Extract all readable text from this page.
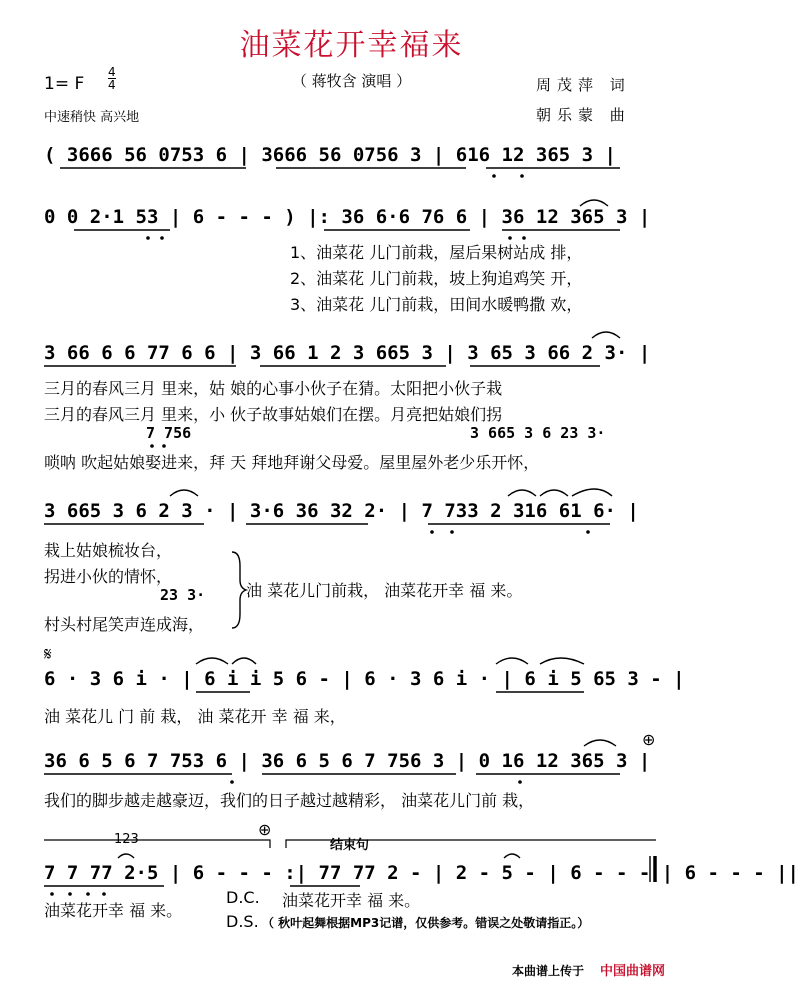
油菜花开幸福来
1= F $\frac{4}{4}$
中速稍快 高兴地
（ 蒋牧含 演唱 ）	周茂萍 词
朝乐蒙 曲
( 3666 56 0753 6 | 3666 56 0756 3 | 616 12 365 3 |
0 0 2·1 53 | 6 - - - ) |: 36 6·6 76 6 | 36 12 365 3 |
1、油菜花 儿门前栽，屋后果树站成 排，
2、油菜花 儿门前栽，坡上狗追鸡笑 开，
3、油菜花 儿门前栽，田间水暖鸭撒 欢，
3 66 6 6 77 6 6 | 3 66 1 2 3 665 3 | 3 65 3 66 2 3· |
三月的春风三月 里来，姑 娘的心事小伙子在猜。太阳把小伙子栽
三月的春风三月 里来，小 伙子故事姑娘们在摆。月亮把姑娘们拐
7 756	3 665 3 6 23 3·
唢呐 吹起姑娘娶进来，拜 天 拜地拜谢父母爱。屋里屋外老少乐开怀，
3 665 3 6 2 3 · | 3·6 36 32 2· | 7 733 2 316 61 6· |
栽上姑娘梳妆台，
拐进小伙的情怀，
23 3·
村头村尾笑声连成海，
油 菜花儿门前栽， 油菜花开幸 福 来。
𝄋
6 · 3 6 i · | 6 i i 5 6 - | 6 · 3 6 i · | 6 i 5 65 3 - |
油 菜花儿 门 前 栽， 油 菜花开 幸 福 来，
⊕
36 6 5 6 7 753 6 | 36 6 5 6 7 756 3 | 0 16 12 365 3 |
我们的脚步越走越豪迈，我们的日子越过越精彩， 油菜花儿门前 栽，
123
⊕
结束句
7 7 77 2·5 | 6 - - - :| 77 77 2 - | 2 - 5 - | 6 - - - | 6 - - - ||
油菜花开幸 福 来。
D.C. 油菜花开幸 福 来。
D.S. （ 秋叶起舞根据MP3记谱，仅供参考。错误之处敬请指正。）
本曲谱上传于 中国曲谱网
